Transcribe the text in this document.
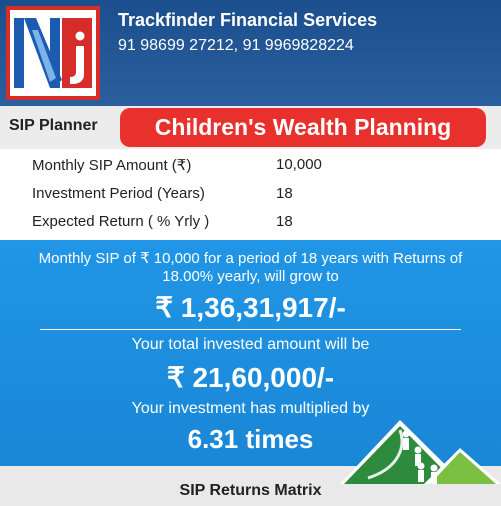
Trackfinder Financial Services
91 98699 27212, 91 9969828224
SIP Planner	Children's Wealth Planning
Monthly SIP Amount (₹)	10,000
Investment Period (Years)	18
Expected Return ( % Yrly )	18
Monthly SIP of ₹ 10,000 for a period of 18 years with Returns of 18.00% yearly, will grow to
₹ 1,36,31,917/-
Your total invested amount will be
₹ 21,60,000/-
Your investment has multiplied by
6.31 times
SIP Returns Matrix
